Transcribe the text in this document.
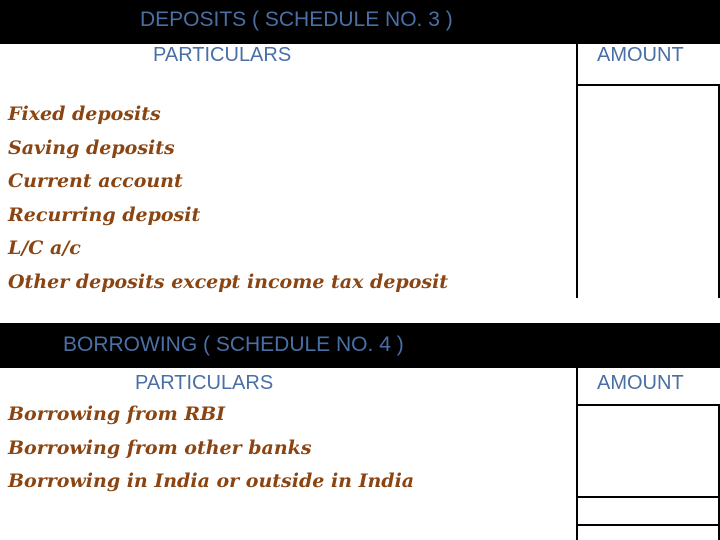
DEPOSITS ( SCHEDULE NO. 3 )
PARTICULARS	AMOUNT
Fixed deposits
Saving deposits
Current account
Recurring deposit
L/C a/c
Other deposits except income tax deposit
BORROWING ( SCHEDULE NO. 4 )
PARTICULARS	AMOUNT
Borrowing from RBI
Borrowing from other banks
Borrowing in India or outside in India
